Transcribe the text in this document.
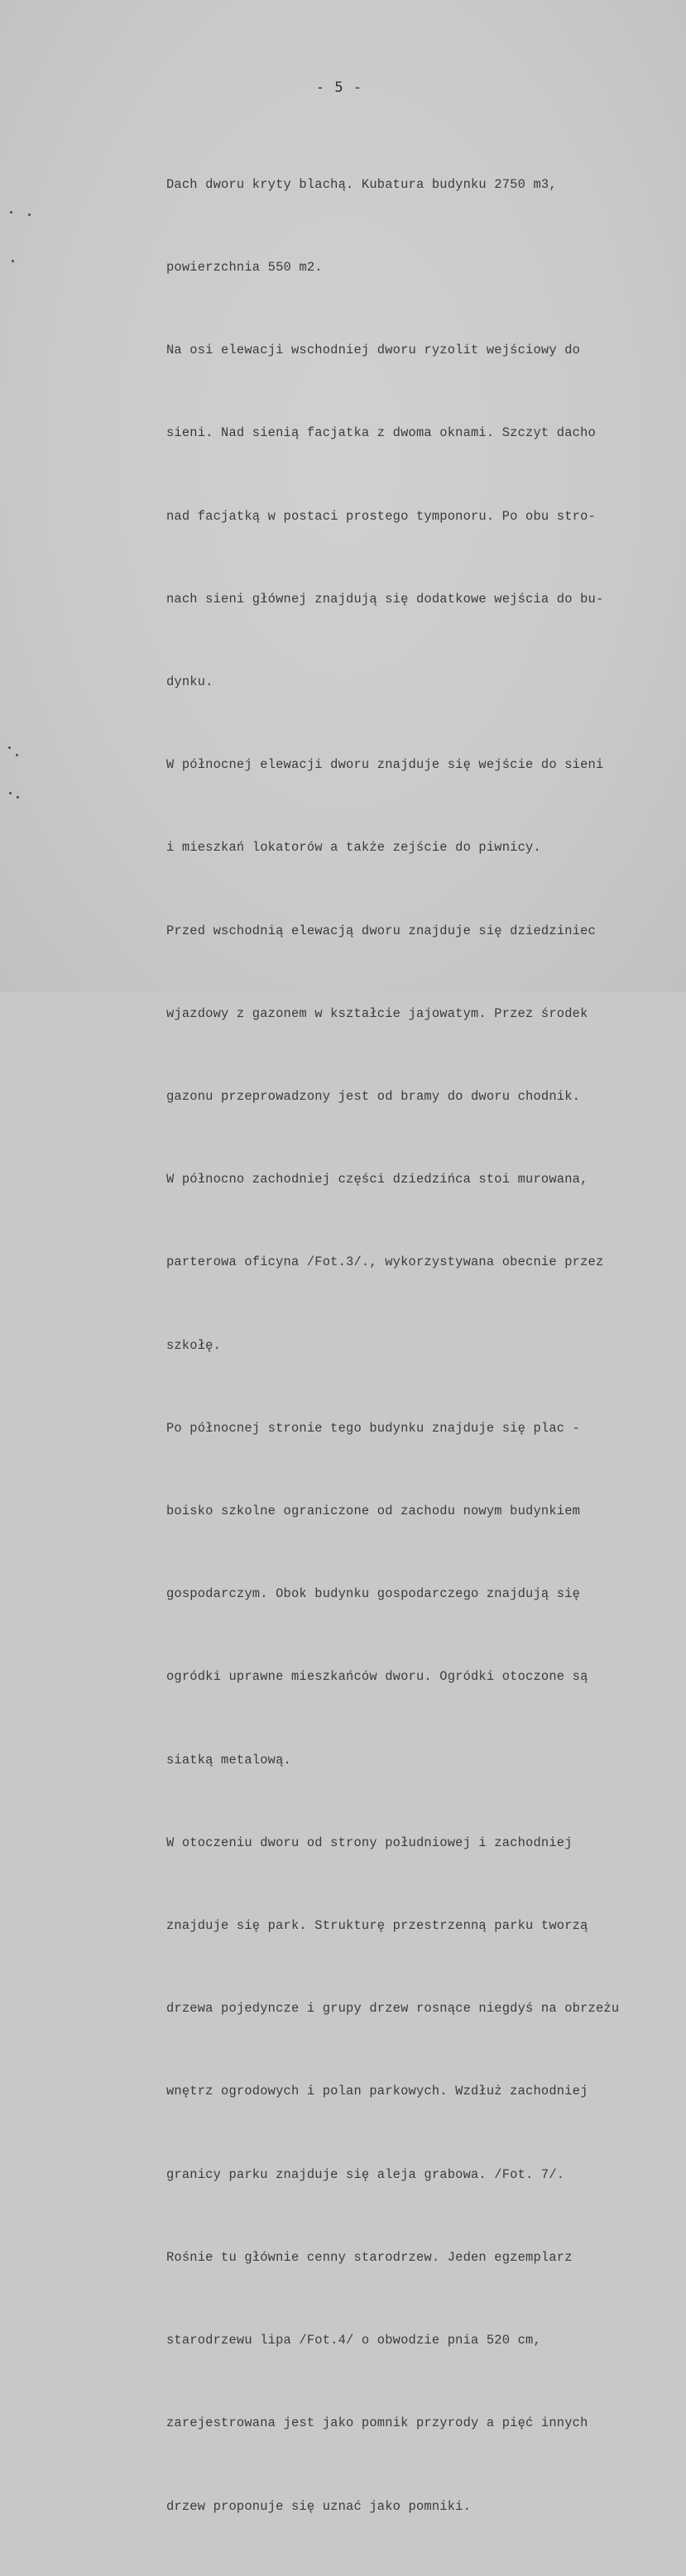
- 5 -

Dach dworu kryty blachą. Kubatura budynku 2750 m3,

powierzchnia 550 m2.

Na osi elewacji wschodniej dworu ryzolit wejściowy do

sieni. Nad sienią facjatka z dwoma oknami. Szczyt dacho

nad facjatką w postaci prostego tymponoru. Po obu stro-

nach sieni głównej znajdują się dodatkowe wejścia do bu-

dynku.

W północnej elewacji dworu znajduje się wejście do sieni

i mieszkań lokatorów a także zejście do piwnicy.

Przed wschodnią elewacją dworu znajduje się dziedziniec

wjazdowy z gazonem w kształcie jajowatym. Przez środek

gazonu przeprowadzony jest od bramy do dworu chodnik.

W północno zachodniej części dziedzińca stoi murowana,

parterowa oficyna /Fot.3/., wykorzystywana obecnie przez

szkołę.

Po północnej stronie tego budynku znajduje się plac -

boisko szkolne ograniczone od zachodu nowym budynkiem

gospodarczym. Obok budynku gospodarczego znajdują się

ogródki uprawne mieszkańców dworu. Ogródki otoczone są

siatką metalową.

W otoczeniu dworu od strony południowej i zachodniej

znajduje się park. Strukturę przestrzenną parku tworzą

drzewa pojedyncze i grupy drzew rosnące niegdyś na obrzeżu

wnętrz ogrodowych i polan parkowych. Wzdłuż zachodniej

granicy parku znajduje się aleja grabowa. /Fot. 7/.

Rośnie tu głównie cenny starodrzew. Jeden egzemplarz

starodrzewu lipa /Fot.4/ o obwodzie pnia 520 cm,

zarejestrowana jest jako pomnik przyrody a pięć innych

drzew proponuje się uznać jako pomniki.
